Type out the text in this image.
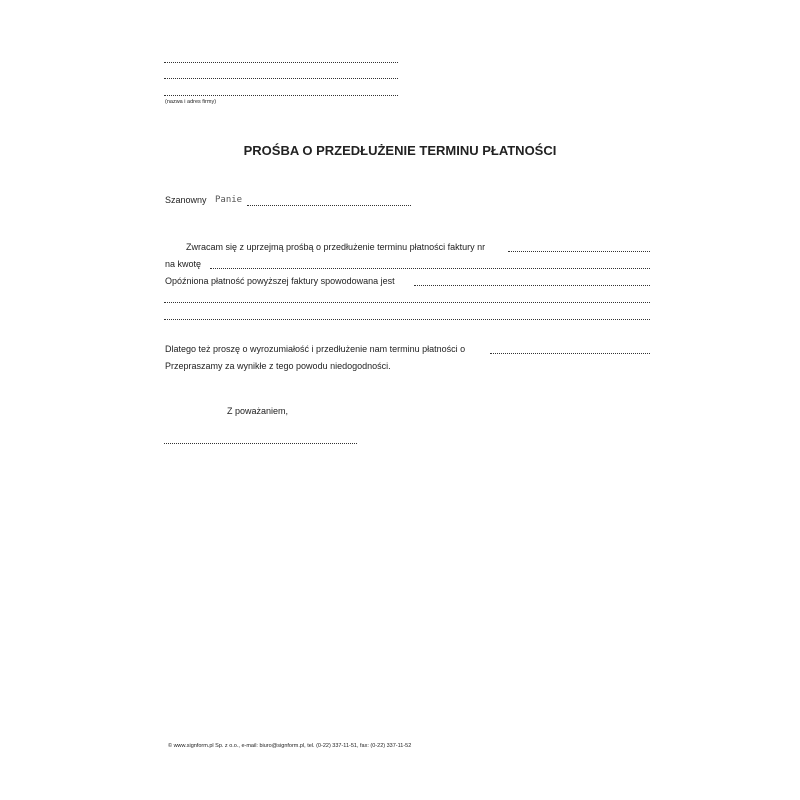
(nazwa i adres firmy)
PROŚBA O PRZEDŁUŻENIE TERMINU PŁATNOŚCI
Szanowny Panie
Zwracam się z uprzejmą prośbą o przedłużenie terminu płatności faktury nr
na kwotę
Opóźniona płatność powyższej faktury spowodowana jest
Dlatego też proszę o wyrozumiałość i przedłużenie nam terminu płatności o
Przepraszamy za wynikłe z tego powodu niedogodności.
Z poważaniem,
© www.signform.pl Sp. z o.o., e-mail: biuro@signform.pl, tel. (0-22) 337-11-51, fax: (0-22) 337-11-52
